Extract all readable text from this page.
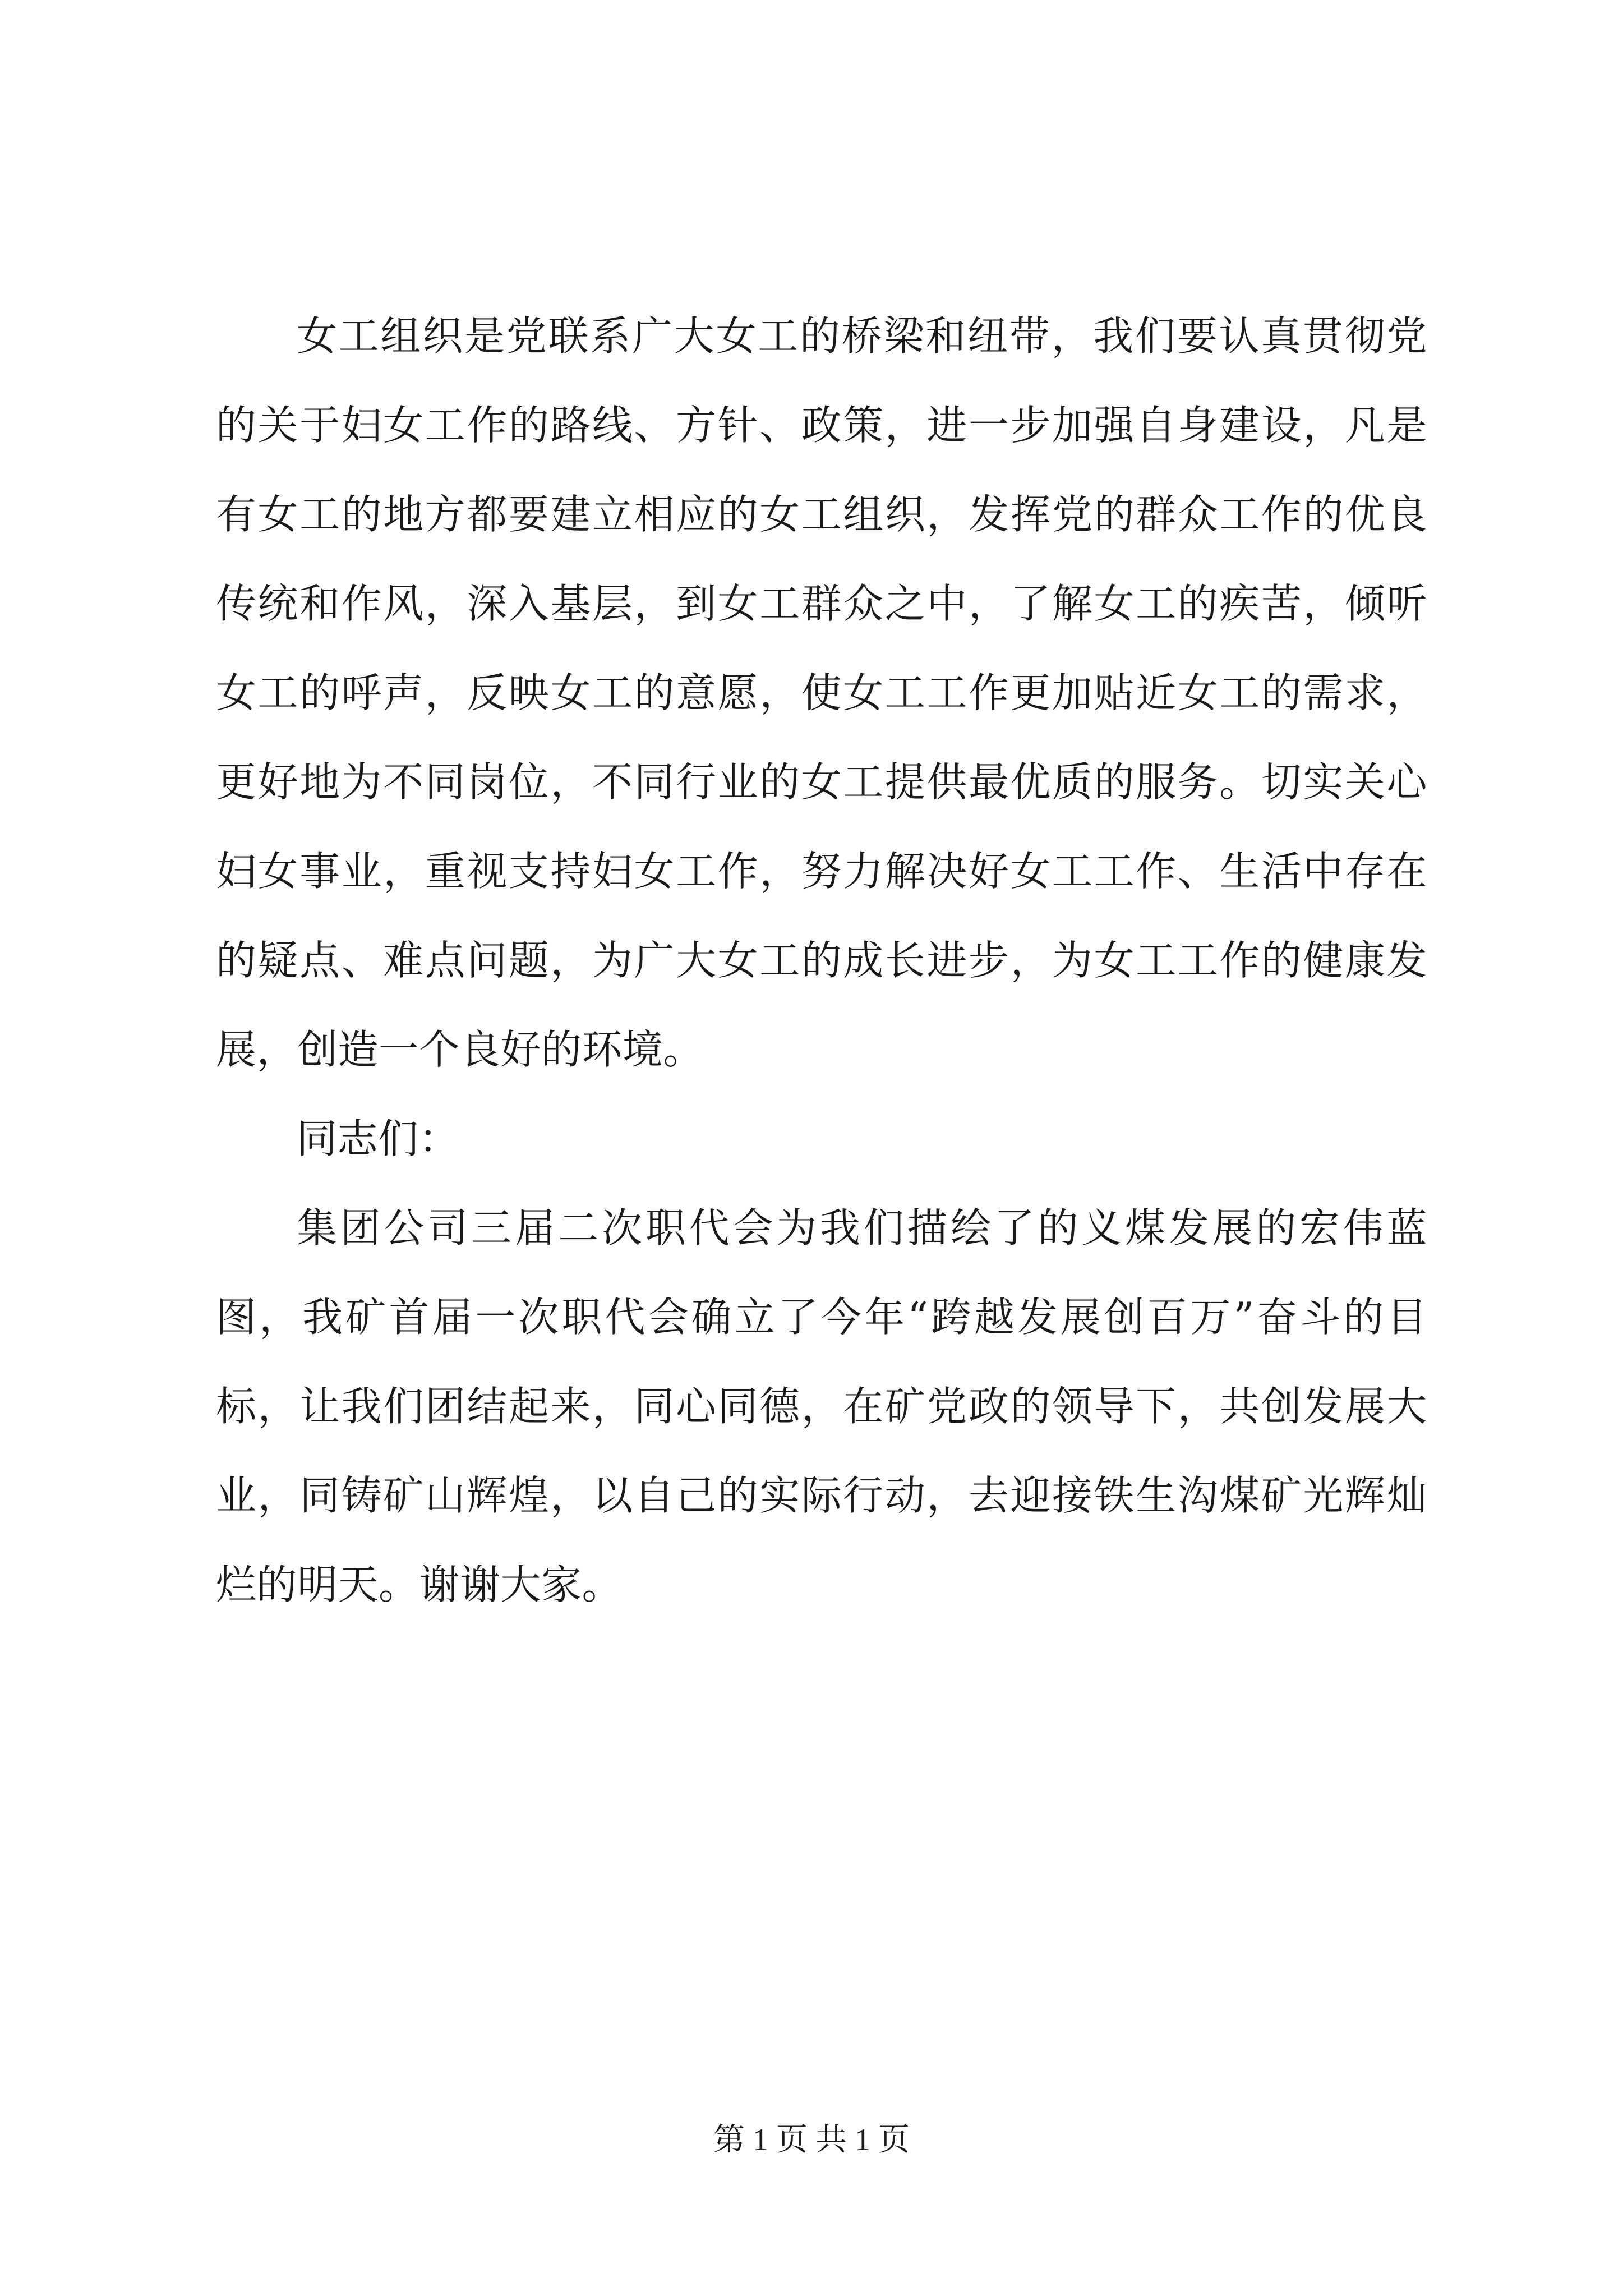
女工组织是党联系广大女工的桥梁和纽带，我们要认真贯彻党的关于妇女工作的路线、方针、政策，进一步加强自身建设，凡是有女工的地方都要建立相应的女工组织，发挥党的群众工作的优良传统和作风，深入基层，到女工群众之中，了解女工的疾苦，倾听女工的呼声，反映女工的意愿，使女工工作更加贴近女工的需求，更好地为不同岗位，不同行业的女工提供最优质的服务。切实关心妇女事业，重视支持妇女工作，努力解决好女工工作、生活中存在的疑点、难点问题，为广大女工的成长进步，为女工工作的健康发展，创造一个良好的环境。

同志们：

集团公司三届二次职代会为我们描绘了的义煤发展的宏伟蓝图，我矿首届一次职代会确立了今年“跨越发展创百万”奋斗的目标，让我们团结起来，同心同德，在矿党政的领导下，共创发展大业，同铸矿山辉煌，以自己的实际行动，去迎接铁生沟煤矿光辉灿烂的明天。谢谢大家。

第 1 页 共 1 页
